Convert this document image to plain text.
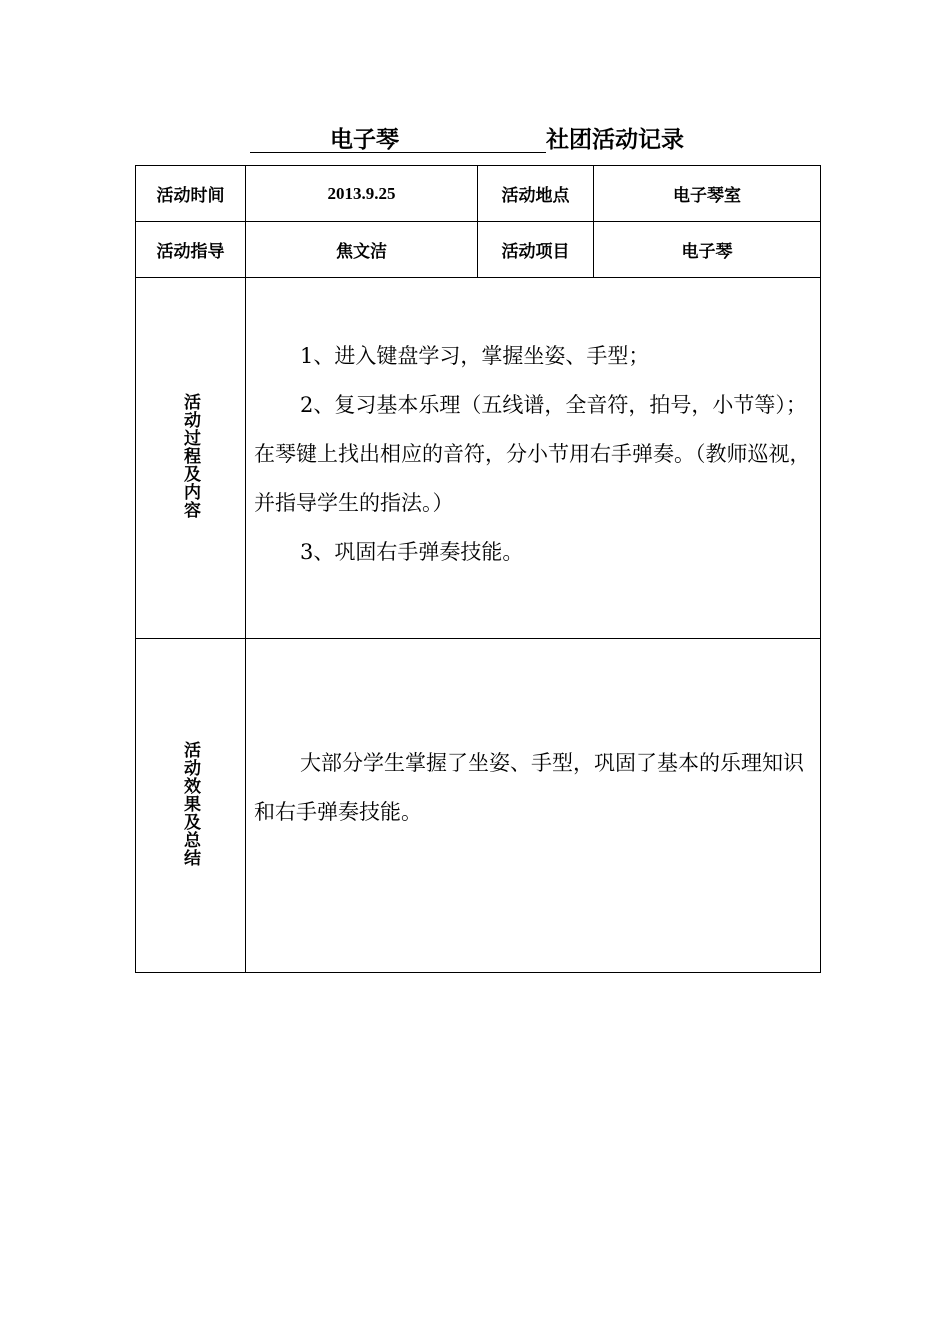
电子琴	社团活动记录
活动时间	2013.9.25	活动地点	电子琴室
活动指导	焦文洁	活动项目	电子琴
活动过程及内容	1、进入键盘学习，掌握坐姿、手型；

2、复习基本乐理（五线谱，全音符，拍号，小节等）；在琴键上找出相应的音符，分小节用右手弹奏。（教师巡视，并指导学生的指法。）

3、巩固右手弹奏技能。		

活动效果及总结	大部分学生掌握了坐姿、手型，巩固了基本的乐理知识和右手弹奏技能。		
